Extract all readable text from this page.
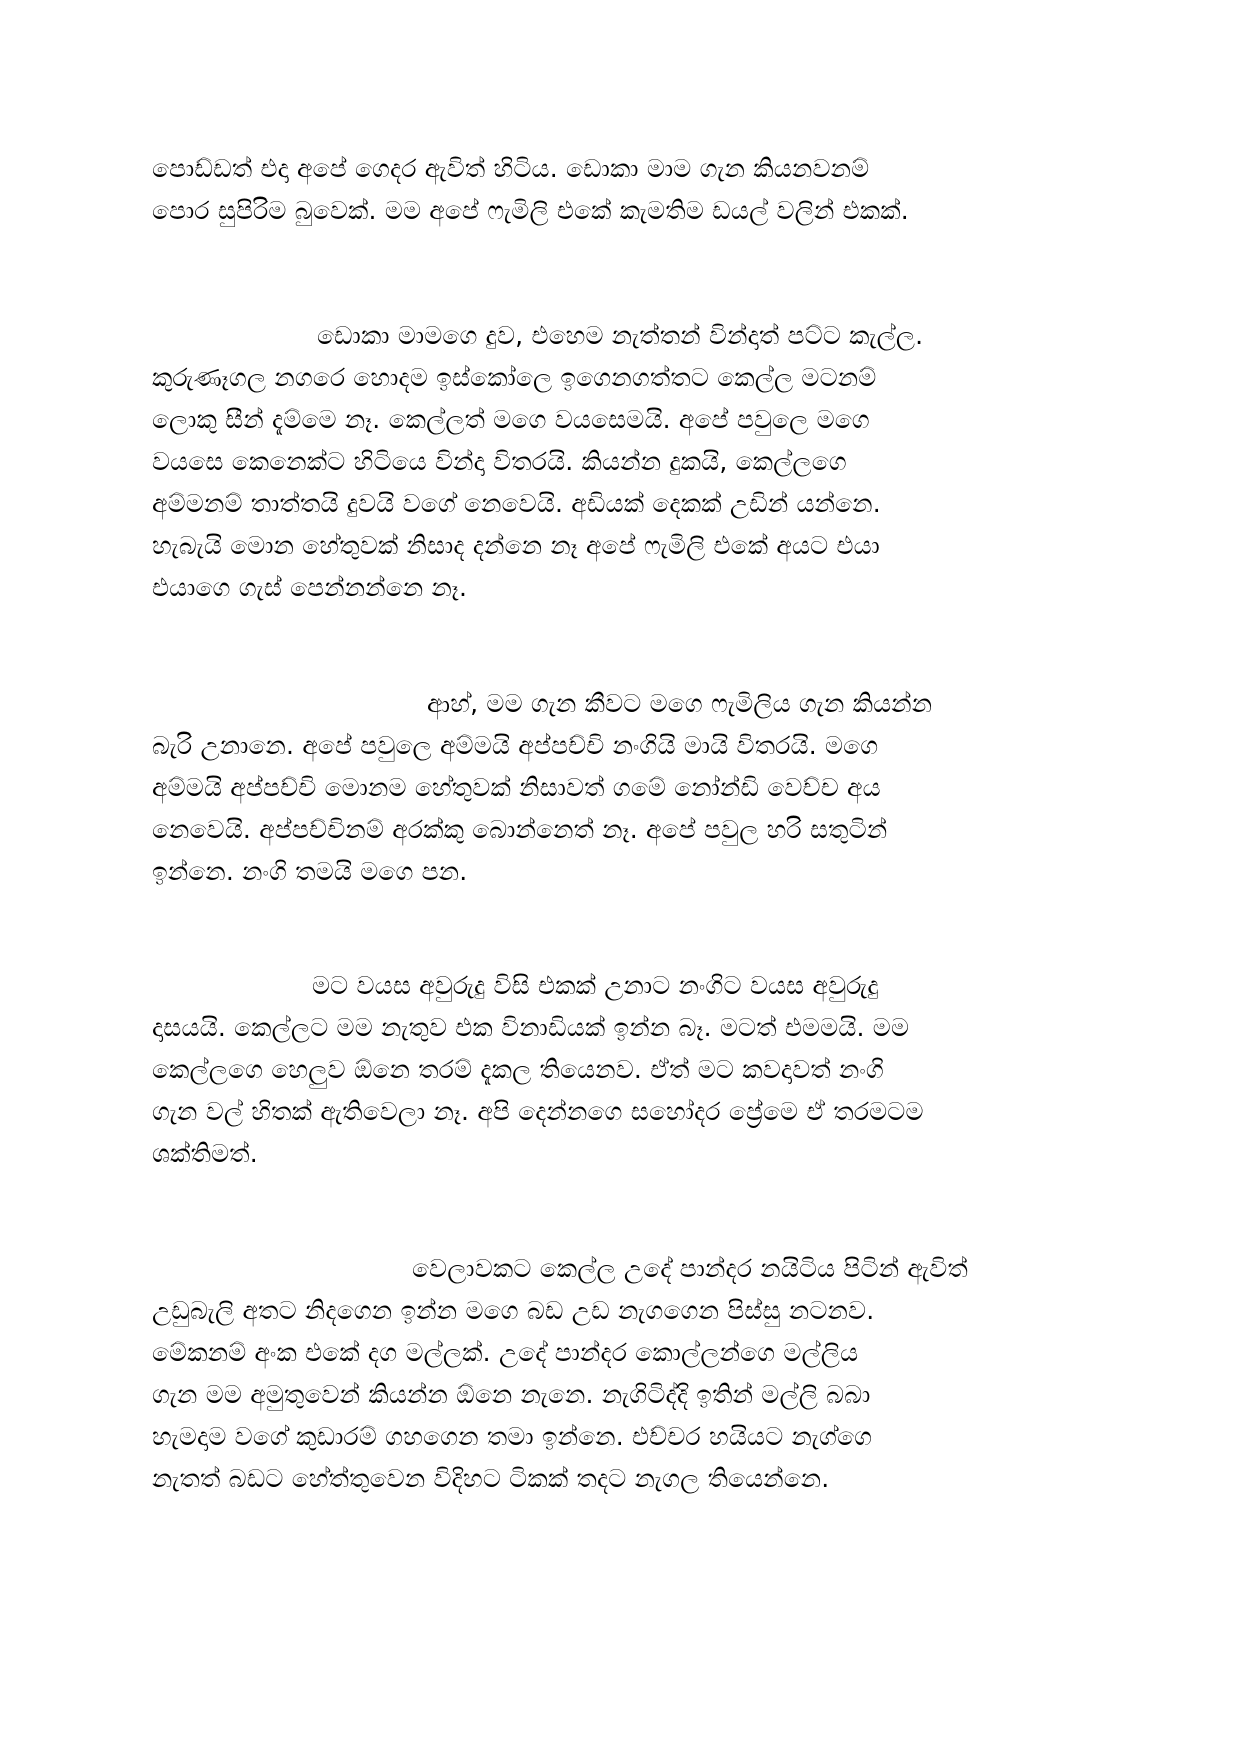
පොඩ්ඩත් එදා අපේ ගෙදර ඇවිත් හිටිය. ඩොකා මාම ගැන කියනවනම්
පොර සුපිරිම බුවෙක්. මම අපේ ෆැමිලි එකේ කැමතිම ඩයල් වලින් එකක්.
ඩොකා මාමගෙ දුව, එහෙම නැත්තන් වින්දාත් පට්ට කැල්ල.
කුරුණෑගල නගරෙ හොදම ඉස්කෝලෙ ඉගෙනගත්තට කෙල්ල මටනම්
ලොකු සීන් දැම්මෙ නෑ. කෙල්ලත් මගෙ වයසෙමයි. අපේ පවුලෙ මගෙ
වයසෙ කෙනෙක්ට හිටියෙ වින්දා විතරයි. කියන්න දුකයි, කෙල්ලගෙ
අම්මනම් තාත්තයි දුවයි වගේ නෙවෙයි. අඩියක් දෙකක් උඩින් යන්නෙ.
හැබැයි මොන හේතුවක් නිසාද දන්නෙ නෑ අපේ ෆැමිලි එකේ අයට එයා
එයාගෙ ගැස් පෙන්නන්නෙ නෑ.
ආහ්, මම ගැන කීවට මගෙ ෆැමිලිය ගැන කියන්න
බැරි උනානෙ. අපේ පවුලෙ අම්මයි අප්පච්චි නංගියි මායි විතරයි. මගෙ
අම්මයි අප්පච්චි මොනම හේතුවක් නිසාවත් ගමේ නෝන්ඩි වෙච්ච අය
නෙවෙයි. අප්පච්චිනම් අරක්කු බොන්නෙත් නෑ. අපේ පවුල හරි සතුටින්
ඉන්නෙ. නංගි තමයි මගෙ පන.
මට වයස අවුරුදු විසි එකක් උනාට නංගිට වයස අවුරුදු
දාසයයි. කෙල්ලට මම නැතුව එක විනාඩියක් ඉන්න බෑ. මටත් එමමයි. මම
කෙල්ලගෙ හෙලුව ඕනෙ තරම් දැකල තියෙනව. ඒත් මට කවදාවත් නංගි
ගැන වල් හිතක් ඇතිවෙලා නෑ. අපි දෙන්නගෙ සහෝදර ප්‍රේමෙ ඒ තරමටම
ශක්තිමත්.
වෙලාවකට කෙල්ල උදේ පාන්දර නයිටිය පිටින් ඇවිත්
උඩුබැලි අතට නිදගෙන ඉන්න මගෙ බඩ උඩ නැගගෙන පිස්සු නටනව.
මේකනම් අංක එකේ දග මල්ලක්. උදේ පාන්දර කොල්ලන්ගෙ මල්ලිය
ගැන මම අමුතුවෙන් කියන්න ඕනෙ නැනෙ. නැගිටිද්දි ඉතින් මල්ලි බබා
හැමදාම වගේ කුඩාරම් ගහගෙන තමා ඉන්නෙ. එච්චර හයියට නැග්ගෙ
නැතත් බඩට හේත්තුවෙන විදිහට ටිකක් තදට නැගල තියෙන්නෙ.
